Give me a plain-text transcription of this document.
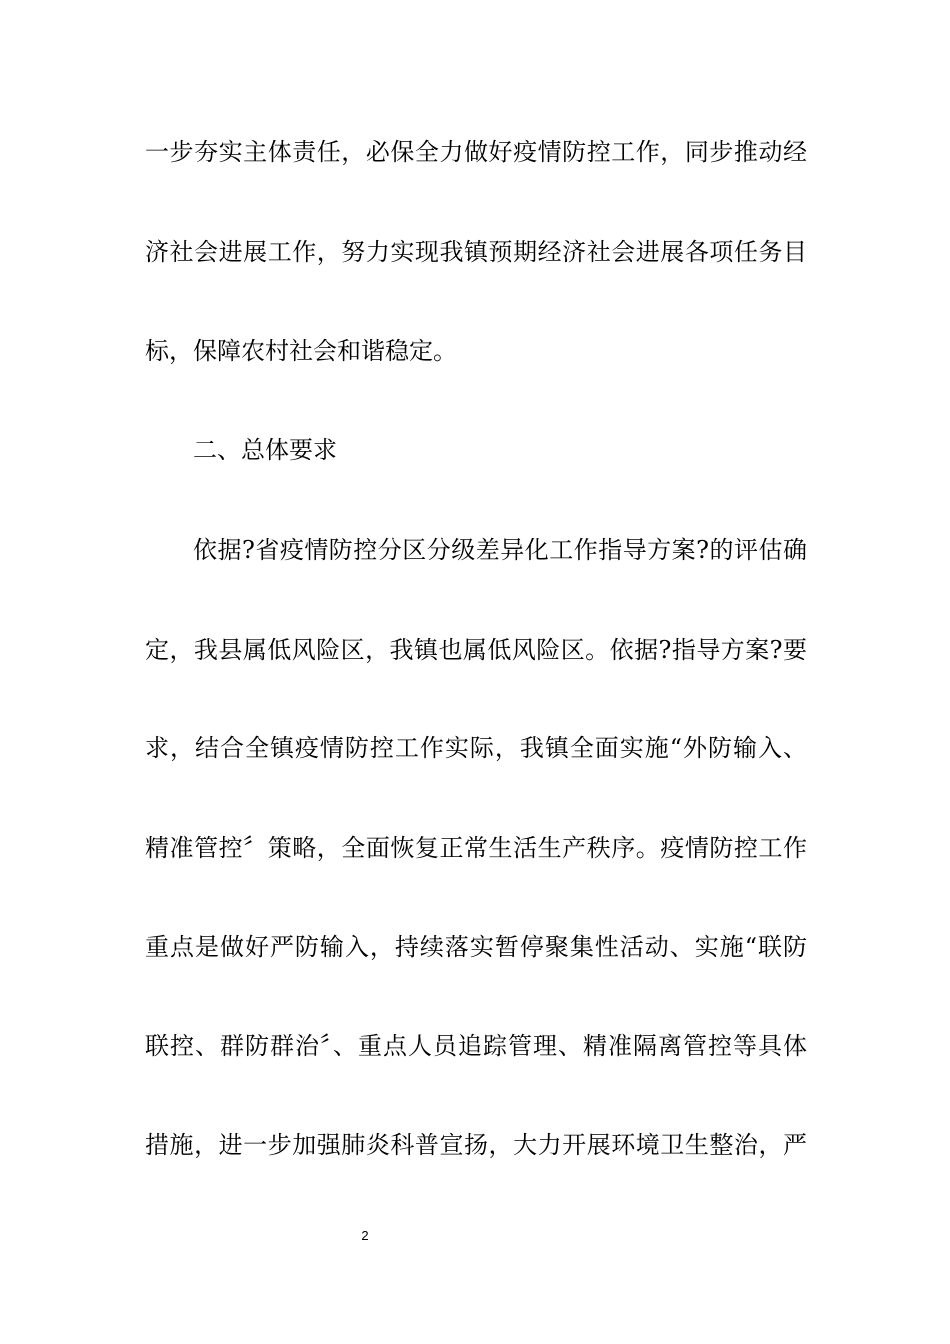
一步夯实主体责任，必保全力做好疫情防控工作，同步推动经
济社会进展工作，努力实现我镇预期经济社会进展各项任务目
标，保障农村社会和谐稳定。
二、总体要求
依据?省疫情防控分区分级差异化工作指导方案?的评估确
定，我县属低风险区，我镇也属低风险区。依据?指导方案?要
求，结合全镇疫情防控工作实际，我镇全面实施“外防输入、
精准管控〞策略，全面恢复正常生活生产秩序。疫情防控工作
重点是做好严防输入，持续落实暂停聚集性活动、实施“联防
联控、群防群治〞、重点人员追踪管理、精准隔离管控等具体
措施，进一步加强肺炎科普宣扬，大力开展环境卫生整治，严
2
